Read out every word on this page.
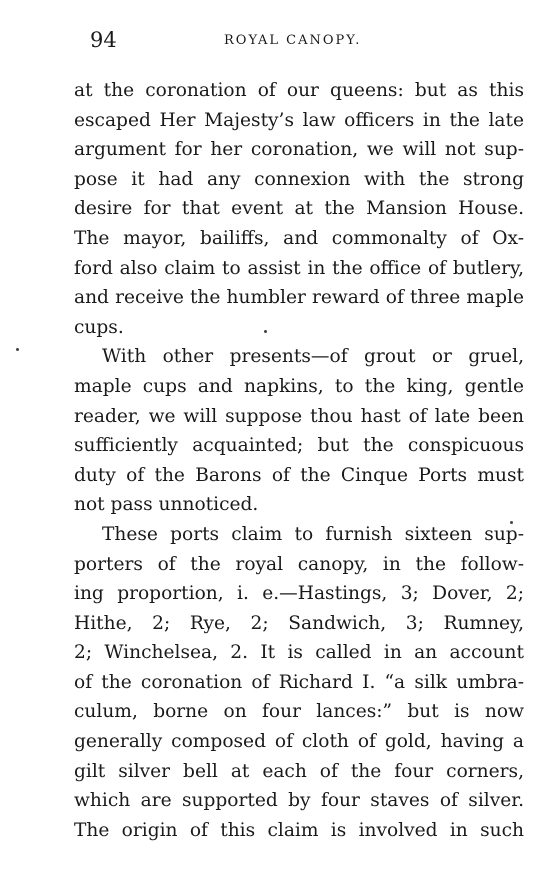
94	ROYAL CANOPY.
at the coronation of our queens: but as this
escaped Her Majesty’s law officers in the late
argument for her coronation, we will not sup-
pose it had any connexion with the strong
desire for that event at the Mansion House.
The mayor, bailiffs, and commonalty of Ox-
ford also claim to assist in the office of butlery,
and receive the humbler reward of three maple
cups.
With other presents—of grout or gruel,
maple cups and napkins, to the king, gentle
reader, we will suppose thou hast of late been
sufficiently acquainted; but the conspicuous
duty of the Barons of the Cinque Ports must
not pass unnoticed.
These ports claim to furnish sixteen sup-
porters of the royal canopy, in the follow-
ing proportion, i. e.—Hastings, 3; Dover, 2;
Hithe, 2; Rye, 2; Sandwich, 3; Rumney,
2; Winchelsea, 2. It is called in an account
of the coronation of Richard I. “a silk umbra-
culum, borne on four lances:” but is now
generally composed of cloth of gold, having a
gilt silver bell at each of the four corners,
which are supported by four staves of silver.
The origin of this claim is involved in such
